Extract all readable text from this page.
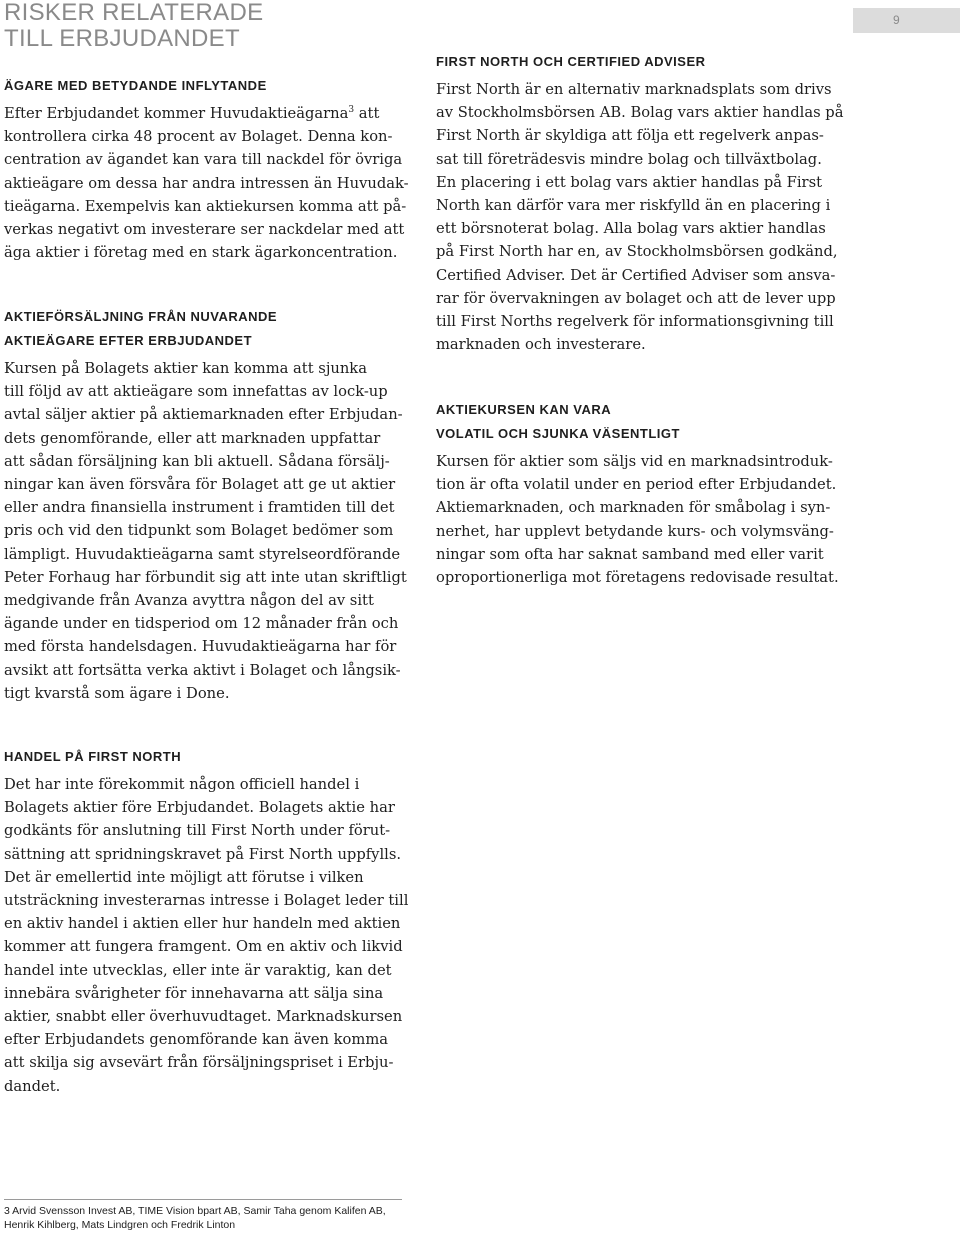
RISKER RELATERADE
TILL ERBJUDANDET
9
ÄGARE MED BETYDANDE INFLYTANDE

Efter Erbjudandet kommer Huvudaktieägarna$^3$ att
kontrollera cirka 48 procent av Bolaget. Denna kon-
centration av ägandet kan vara till nackdel för övriga
aktieägare om dessa har andra intressen än Huvudak-
tieägarna. Exempelvis kan aktiekursen komma att på-
verkas negativt om investerare ser nackdelar med att
äga aktier i företag med en stark ägarkoncentration.

AKTIEFÖRSÄLJNING FRÅN NUVARANDE
AKTIEÄGARE EFTER ERBJUDANDET

Kursen på Bolagets aktier kan komma att sjunka
till följd av att aktieägare som innefattas av lock-up
avtal säljer aktier på aktiemarknaden efter Erbjudan-
dets genomförande, eller att marknaden uppfattar
att sådan försäljning kan bli aktuell. Sådana försälj-
ningar kan även försvåra för Bolaget att ge ut aktier
eller andra finansiella instrument i framtiden till det
pris och vid den tidpunkt som Bolaget bedömer som
lämpligt. Huvudaktieägarna samt styrelseordförande
Peter Forhaug har förbundit sig att inte utan skriftligt
medgivande från Avanza avyttra någon del av sitt
ägande under en tidsperiod om 12 månader från och
med första handelsdagen. Huvudaktieägarna har för
avsikt att fortsätta verka aktivt i Bolaget och långsik-
tigt kvarstå som ägare i Done.

HANDEL PÅ FIRST NORTH

Det har inte förekommit någon officiell handel i
Bolagets aktier före Erbjudandet. Bolagets aktie har
godkänts för anslutning till First North under förut-
sättning att spridningskravet på First North uppfylls.
Det är emellertid inte möjligt att förutse i vilken
utsträckning investerarnas intresse i Bolaget leder till
en aktiv handel i aktien eller hur handeln med aktien
kommer att fungera framgent. Om en aktiv och likvid
handel inte utvecklas, eller inte är varaktig, kan det
innebära svårigheter för innehavarna att sälja sina
aktier, snabbt eller överhuvudtaget. Marknadskursen
efter Erbjudandets genomförande kan även komma
att skilja sig avsevärt från försäljningspriset i Erbju-
dandet.

FIRST NORTH OCH CERTIFIED ADVISER

First North är en alternativ marknadsplats som drivs
av Stockholmsbörsen AB. Bolag vars aktier handlas på
First North är skyldiga att följa ett regelverk anpas-
sat till företrädesvis mindre bolag och tillväxtbolag.
En placering i ett bolag vars aktier handlas på First
North kan därför vara mer riskfylld än en placering i
ett börsnoterat bolag. Alla bolag vars aktier handlas
på First North har en, av Stockholmsbörsen godkänd,
Certified Adviser. Det är Certified Adviser som ansva-
rar för övervakningen av bolaget och att de lever upp
till First Norths regelverk för informationsgivning till
marknaden och investerare.

AKTIEKURSEN KAN VARA
VOLATIL OCH SJUNKA VÄSENTLIGT

Kursen för aktier som säljs vid en marknadsintroduk-
tion är ofta volatil under en period efter Erbjudandet.
Aktiemarknaden, och marknaden för småbolag i syn-
nerhet, har upplevt betydande kurs- och volymsväng-
ningar som ofta har saknat samband med eller varit
oproportionerliga mot företagens redovisade resultat.

3 Arvid Svensson Invest AB, TIME Vision bpart AB, Samir Taha genom Kalifen AB,
Henrik Kihlberg, Mats Lindgren och Fredrik Linton
